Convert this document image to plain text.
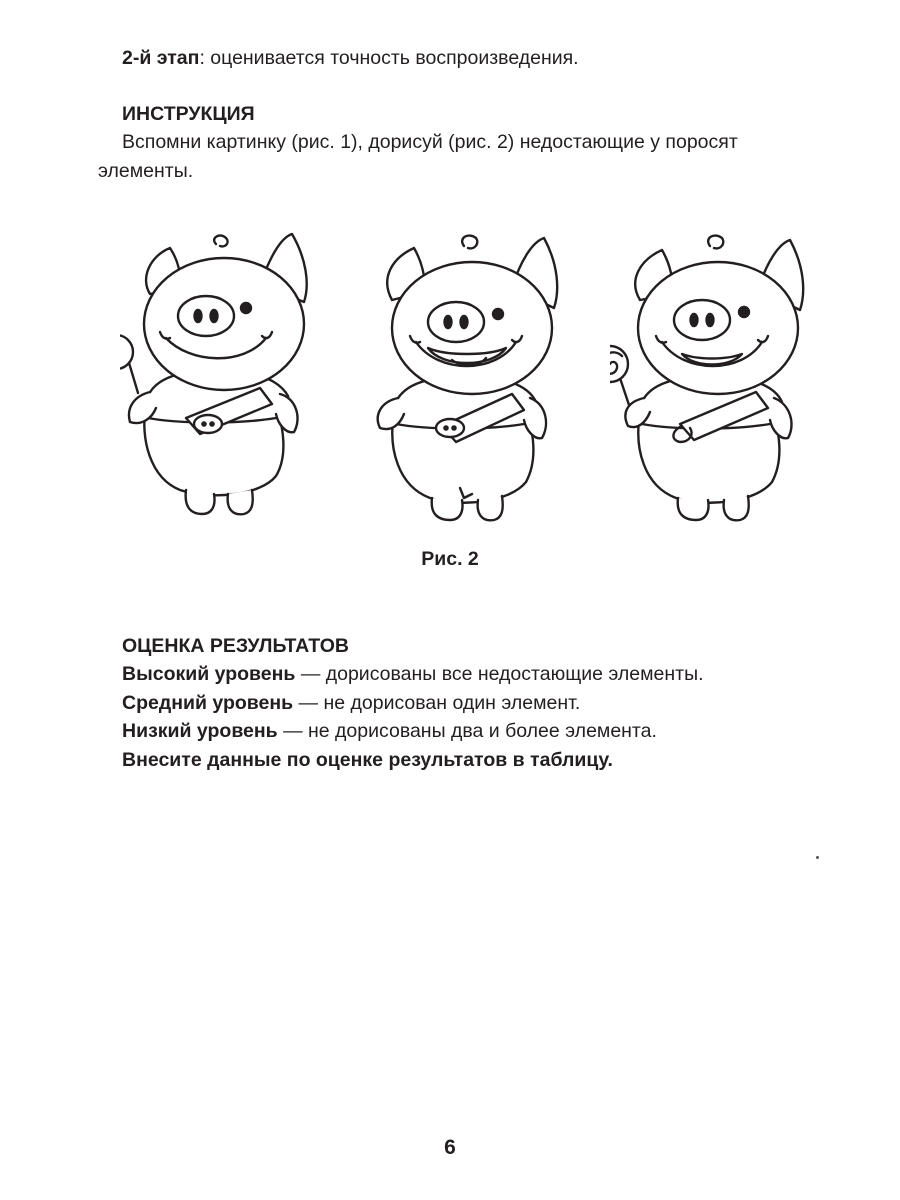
2-й этап: оценивается точность воспроизведения.
ИНСТРУКЦИЯ
Вспомни картинку (рис. 1), дорисуй (рис. 2) недостающие у поросят
элементы.
Рис. 2
ОЦЕНКА РЕЗУЛЬТАТОВ
Высокий уровень — дорисованы все недостающие элементы.
Средний уровень — не дорисован один элемент.
Низкий уровень — не дорисованы два и более элемента.
Внесите данные по оценке результатов в таблицу.
6
